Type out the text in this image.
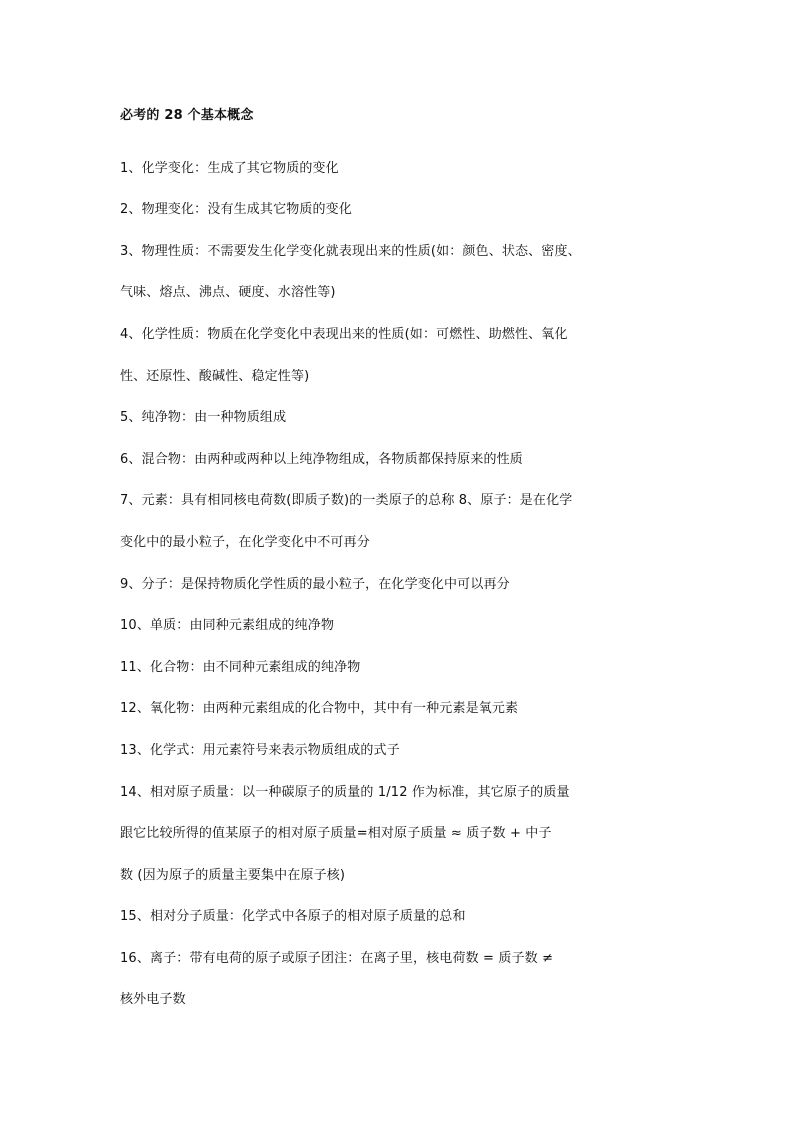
必考的 28 个基本概念

1、化学变化：生成了其它物质的变化

2、物理变化：没有生成其它物质的变化

3、物理性质：不需要发生化学变化就表现出来的性质(如：颜色、状态、密度、
气味、熔点、沸点、硬度、水溶性等)

4、化学性质：物质在化学变化中表现出来的性质(如：可燃性、助燃性、氧化
性、还原性、酸碱性、稳定性等)

5、纯净物：由一种物质组成

6、混合物：由两种或两种以上纯净物组成，各物质都保持原来的性质

7、元素：具有相同核电荷数(即质子数)的一类原子的总称 8、原子：是在化学
变化中的最小粒子，在化学变化中不可再分

9、分子：是保持物质化学性质的最小粒子，在化学变化中可以再分

10、单质：由同种元素组成的纯净物

11、化合物：由不同种元素组成的纯净物

12、氧化物：由两种元素组成的化合物中，其中有一种元素是氧元素

13、化学式：用元素符号来表示物质组成的式子

14、相对原子质量：以一种碳原子的质量的 1/12 作为标准，其它原子的质量
跟它比较所得的值某原子的相对原子质量=相对原子质量 ≈ 质子数 + 中子
数 (因为原子的质量主要集中在原子核)

15、相对分子质量：化学式中各原子的相对原子质量的总和

16、离子：带有电荷的原子或原子团注：在离子里，核电荷数 = 质子数 ≠
核外电子数
